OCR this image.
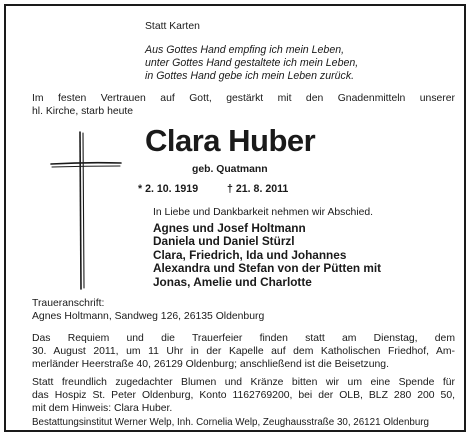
Statt Karten
Aus Gottes Hand empfing ich mein Leben,
unter Gottes Hand gestaltete ich mein Leben,
in Gottes Hand gebe ich mein Leben zurück.
Im festen Vertrauen auf Gott, gestärkt mit den Gnadenmitteln unserer
hl. Kirche, starb heute
Clara Huber
geb. Quatmann
* 2. 10. 1919	† 21. 8. 2011
In Liebe und Dankbarkeit nehmen wir Abschied.
Agnes und Josef Holtmann
Daniela und Daniel Stürzl
Clara, Friedrich, Ida und Johannes
Alexandra und Stefan von der Pütten mit
Jonas, Amelie und Charlotte
Traueranschrift:
Agnes Holtmann, Sandweg 126, 26135 Oldenburg
Das Requiem und die Trauerfeier finden statt am Dienstag, dem
30. August 2011, um 11 Uhr in der Kapelle auf dem Katholischen Friedhof, Am-
merländer Heerstraße 40, 26129 Oldenburg; anschließend ist die Beisetzung.
Statt freundlich zugedachter Blumen und Kränze bitten wir um eine Spende für
das Hospiz St. Peter Oldenburg, Konto 1162769200, bei der OLB, BLZ 280 200 50,
mit dem Hinweis: Clara Huber.
Bestattungsinstitut Werner Welp, Inh. Cornelia Welp, Zeughausstraße 30, 26121 Oldenburg
